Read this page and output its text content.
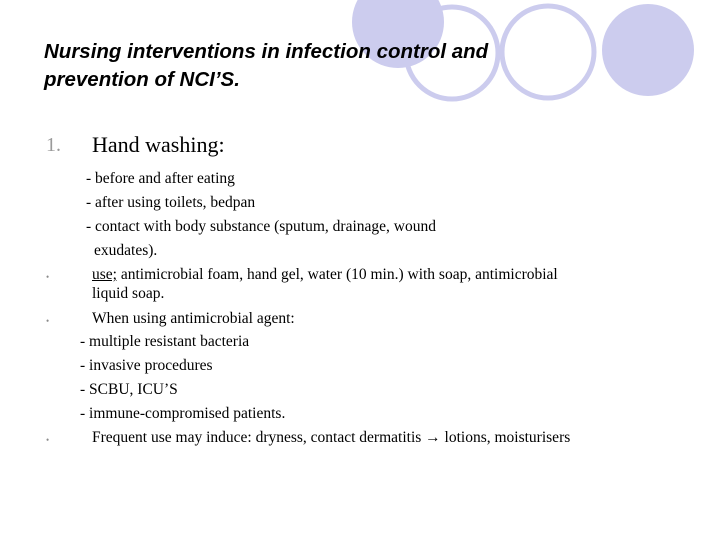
Nursing interventions in infection control and
prevention of NCI’S.
1. Hand washing:
- before and after eating
- after using toilets, bedpan
- contact with body substance (sputum, drainage, wound
exudates).
•	use; antimicrobial foam, hand gel, water (10 min.) with soap, antimicrobial
liquid soap.
•	When using antimicrobial agent:
- multiple resistant bacteria
- invasive procedures
- SCBU, ICU’S
- immune-compromised patients.
•	Frequent use may induce: dryness, contact dermatitis → lotions, moisturisers
